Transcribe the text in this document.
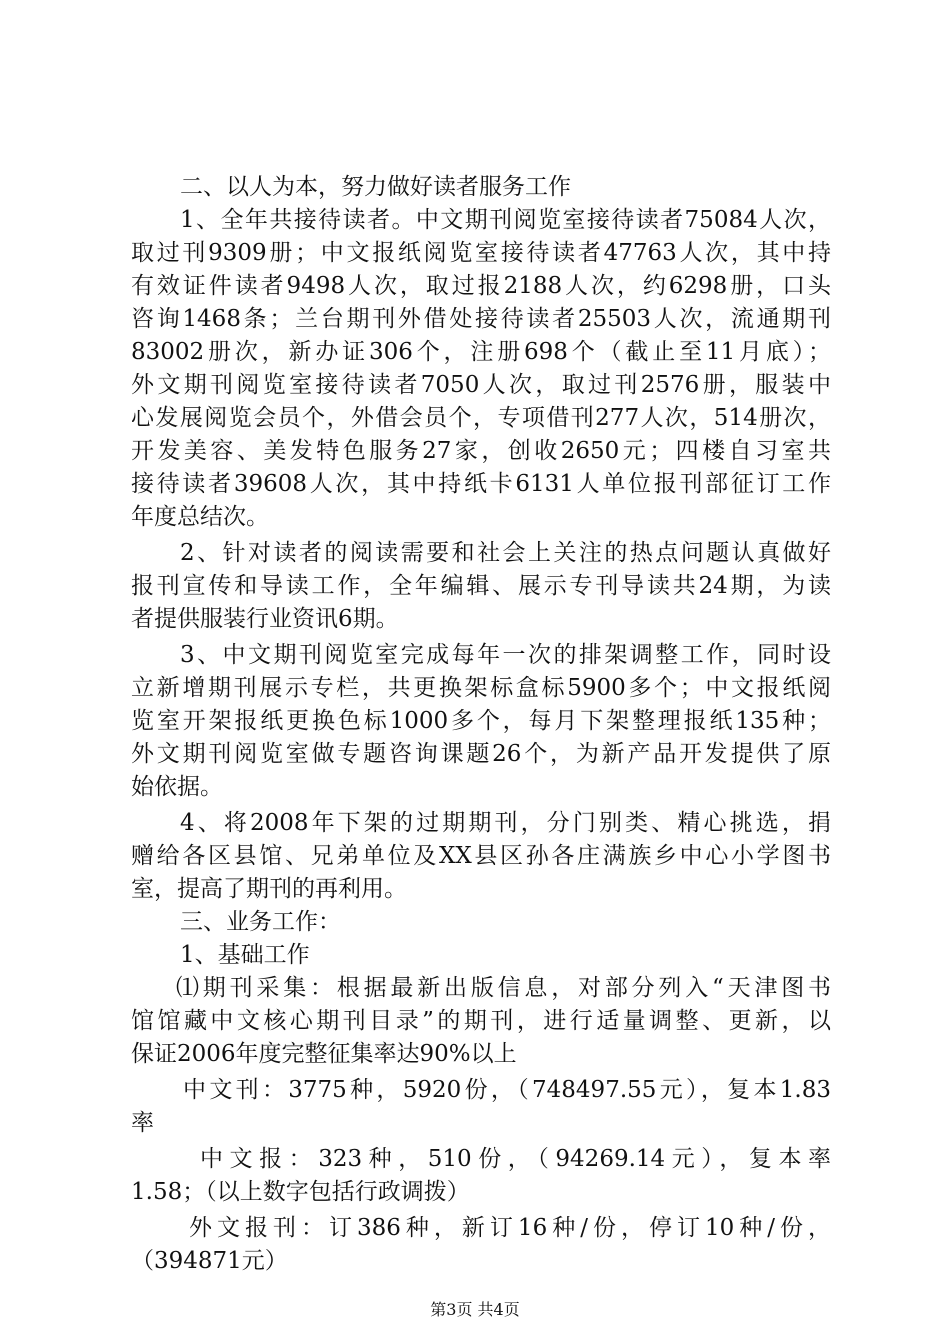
二、以人为本，努力做好读者服务工作
1、全年共接待读者。中文期刊阅览室接待读者75084人次，
取过刊9309册；中文报纸阅览室接待读者47763人次，其中持
有效证件读者9498人次，取过报2188人次，约6298册，口头
咨询1468条；兰台期刊外借处接待读者25503人次，流通期刊
83002册次，新办证306个，注册698个（截止至11月底）；
外文期刊阅览室接待读者7050人次，取过刊2576册，服装中
心发展阅览会员个，外借会员个，专项借刊277人次，514册次，
开发美容、美发特色服务27家，创收2650元；四楼自习室共
接待读者39608人次，其中持纸卡6131人单位报刊部征订工作
年度总结次。
2、针对读者的阅读需要和社会上关注的热点问题认真做好
报刊宣传和导读工作，全年编辑、展示专刊导读共24期，为读
者提供服装行业资讯6期。
3、中文期刊阅览室完成每年一次的排架调整工作，同时设
立新增期刊展示专栏，共更换架标盒标5900多个；中文报纸阅
览室开架报纸更换色标1000多个，每月下架整理报纸135种；
外文期刊阅览室做专题咨询课题26个，为新产品开发提供了原
始依据。
4、将2008年下架的过期期刊，分门别类、精心挑选，捐
赠给各区县馆、兄弟单位及XX县区孙各庄满族乡中心小学图书
室，提高了期刊的再利用。
三、业务工作：
1、基础工作
⑴期刊采集：根据最新出版信息，对部分列入“天津图书
馆馆藏中文核心期刊目录”的期刊，进行适量调整、更新，以
保证2006年度完整征集率达90%以上
中文刊：3775种，5920份，（748497.55元），复本1.83
率
中文报：323种，510份，（94269.14元），复本率
1.58；（以上数字包括行政调拨）
外文报刊：订386种，新订16种/份，停订10种/份，
（394871元）
第3页 共4页
